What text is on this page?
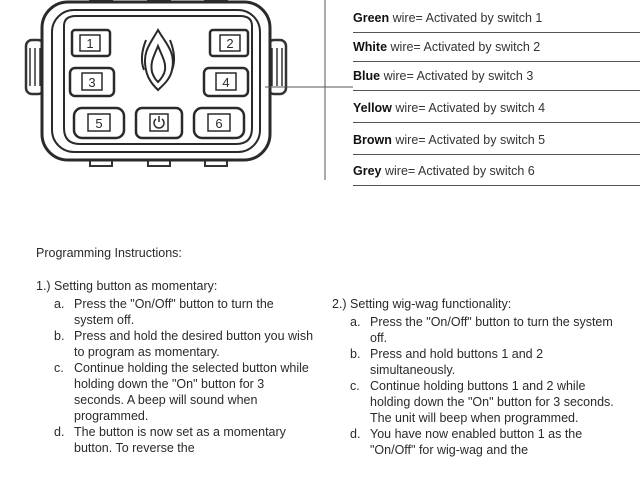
1	2
3	4
5	6
Green wire= Activated by switch 1
White wire= Activated by switch 2
Blue wire= Activated by switch 3
Yellow wire= Activated by switch 4
Brown wire= Activated by switch 5
Grey wire= Activated by switch 6
Programming Instructions:
1.) Setting button as momentary:
a. Press the "On/Off" button to turn the system off.
b. Press and hold the desired button you wish to program as momentary.
c. Continue holding the selected button while holding down the "On" button for 3 seconds. A beep will sound when programmed.
d. The button is now set as a momentary button. To reverse the
2.) Setting wig-wag functionality:
a. Press the "On/Off" button to turn the system off.
b. Press and hold buttons 1 and 2 simultaneously.
c. Continue holding buttons 1 and 2 while holding down the "On" button for 3 seconds. The unit will beep when programmed.
d. You have now enabled button 1 as the "On/Off" for wig-wag and the
